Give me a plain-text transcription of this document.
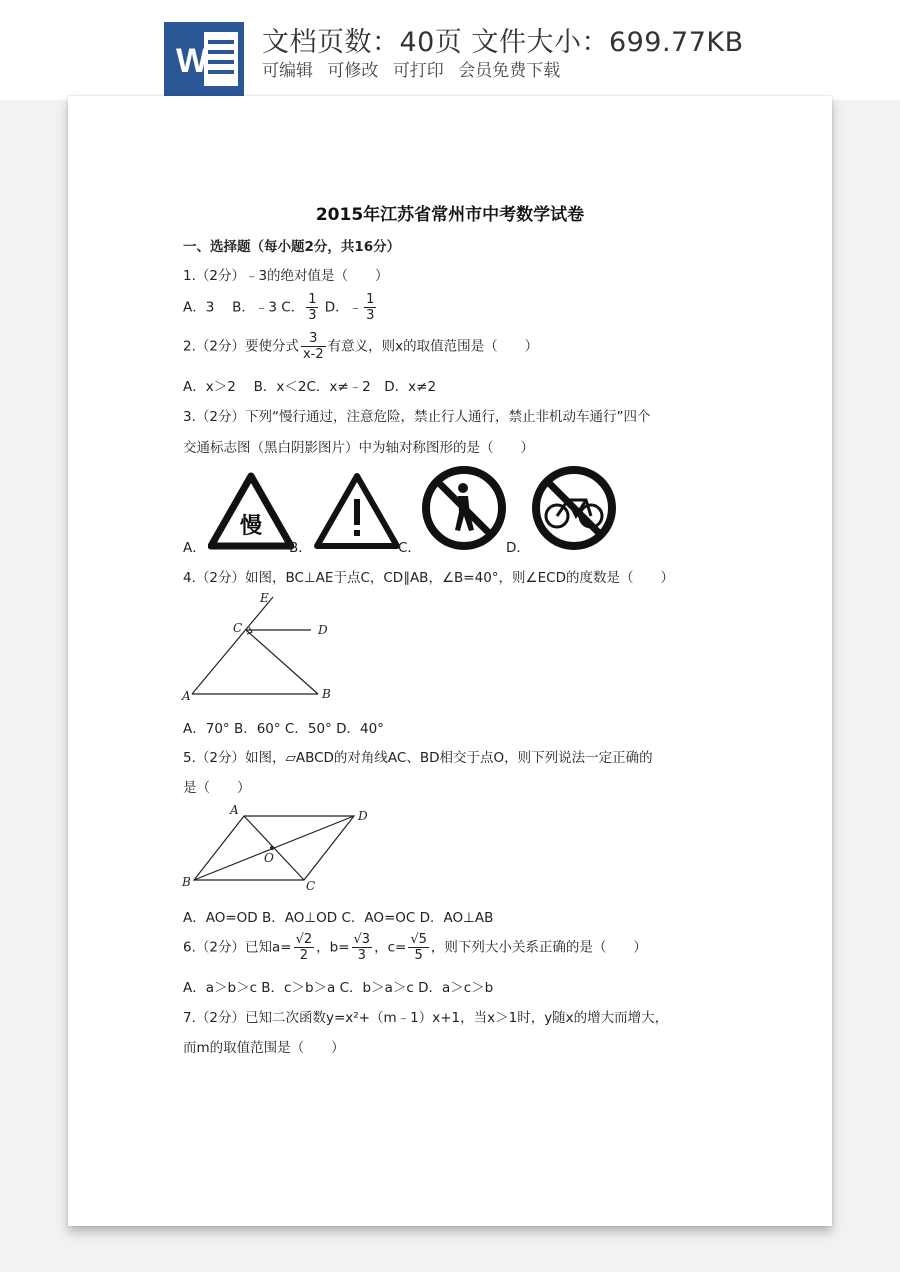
W 文档页数：40页 文件大小：699.77KB
可编辑 可修改 可打印 会员免费下载
2015年江苏省常州市中考数学试卷
一、选择题（每小题2分，共16分）
1.（2分）﹣3的绝对值是（　　）
A．3　 B．﹣3 C． $\frac{1}{3}$ D．﹣ $\frac{1}{3}$
2.（2分）要使分式 $\frac{3}{x-2}$ 有意义，则x的取值范围是（　　）
A．x＞2　 B．x＜2C．x≠﹣2　D．x≠2
3.（2分）下列“慢行通过，注意危险，禁止行人通行，禁止非机动车通行”四个
交通标志图（黑白阴影图片）中为轴对称图形的是（　　）
A．
慢
B．	C．	D．
4.（2分）如图，BC⊥AE于点C，CD∥AB，∠B=40°，则∠ECD的度数是（　　）
E
C	D
A	B
A．70° B．60° C．50° D．40°
5.（2分）如图，▱ABCD的对角线AC、BD相交于点O，则下列说法一定正确的
是（　　）
A	D
O
B	C
A．AO=OD B．AO⊥OD C．AO=OC D．AO⊥AB
6.（2分）已知$a= \frac{√2}{2}$ ，$b= \frac{√3}{3}$ ，$c= \frac{√5}{5}$ ，则下列大小关系正确的是（　　）
A．a＞b＞c B．c＞b＞a C．b＞a＞c D．a＞c＞b
7.（2分）已知二次函数y=x²+（m﹣1）x+1，当x＞1时，y随x的增大而增大，
而m的取值范围是（　　）
